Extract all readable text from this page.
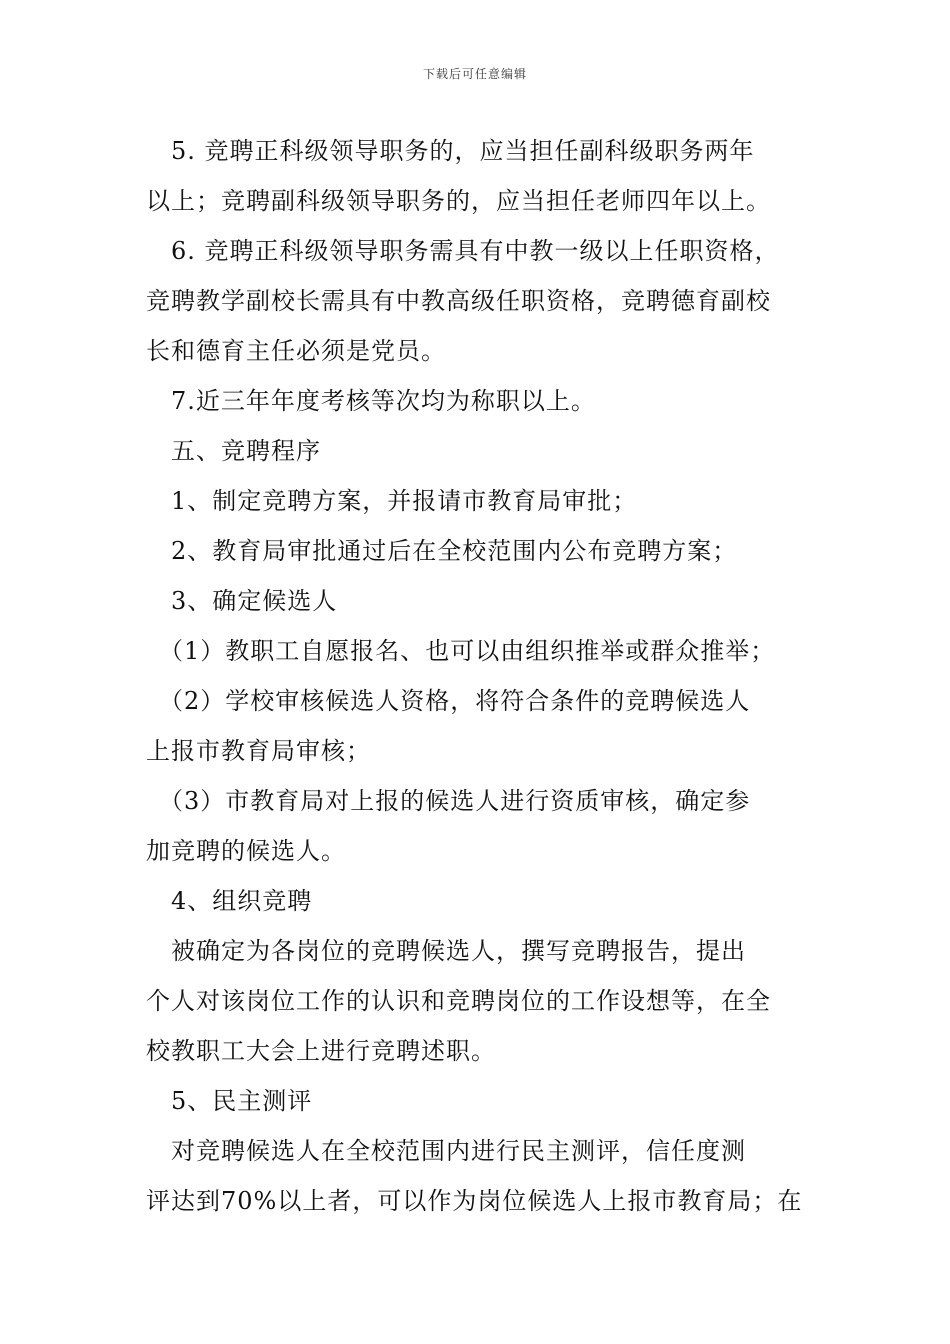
下载后可任意编辑
　5. 竞聘正科级领导职务的，应当担任副科级职务两年
以上；竞聘副科级领导职务的，应当担任老师四年以上。
　6. 竞聘正科级领导职务需具有中教一级以上任职资格，
竞聘教学副校长需具有中教高级任职资格，竞聘德育副校
长和德育主任必须是党员。
　7.近三年年度考核等次均为称职以上。
　五、竞聘程序
　1、制定竞聘方案，并报请市教育局审批；
　2、教育局审批通过后在全校范围内公布竞聘方案；
　3、确定候选人
　（1）教职工自愿报名、也可以由组织推举或群众推举；
　（2）学校审核候选人资格，将符合条件的竞聘候选人
上报市教育局审核；
　（3）市教育局对上报的候选人进行资质审核，确定参
加竞聘的候选人。
　4、组织竞聘
　被确定为各岗位的竞聘候选人，撰写竞聘报告，提出
个人对该岗位工作的认识和竞聘岗位的工作设想等，在全
校教职工大会上进行竞聘述职。
　5、民主测评
　对竞聘候选人在全校范围内进行民主测评，信任度测
评达到70%以上者，可以作为岗位候选人上报市教育局；在
